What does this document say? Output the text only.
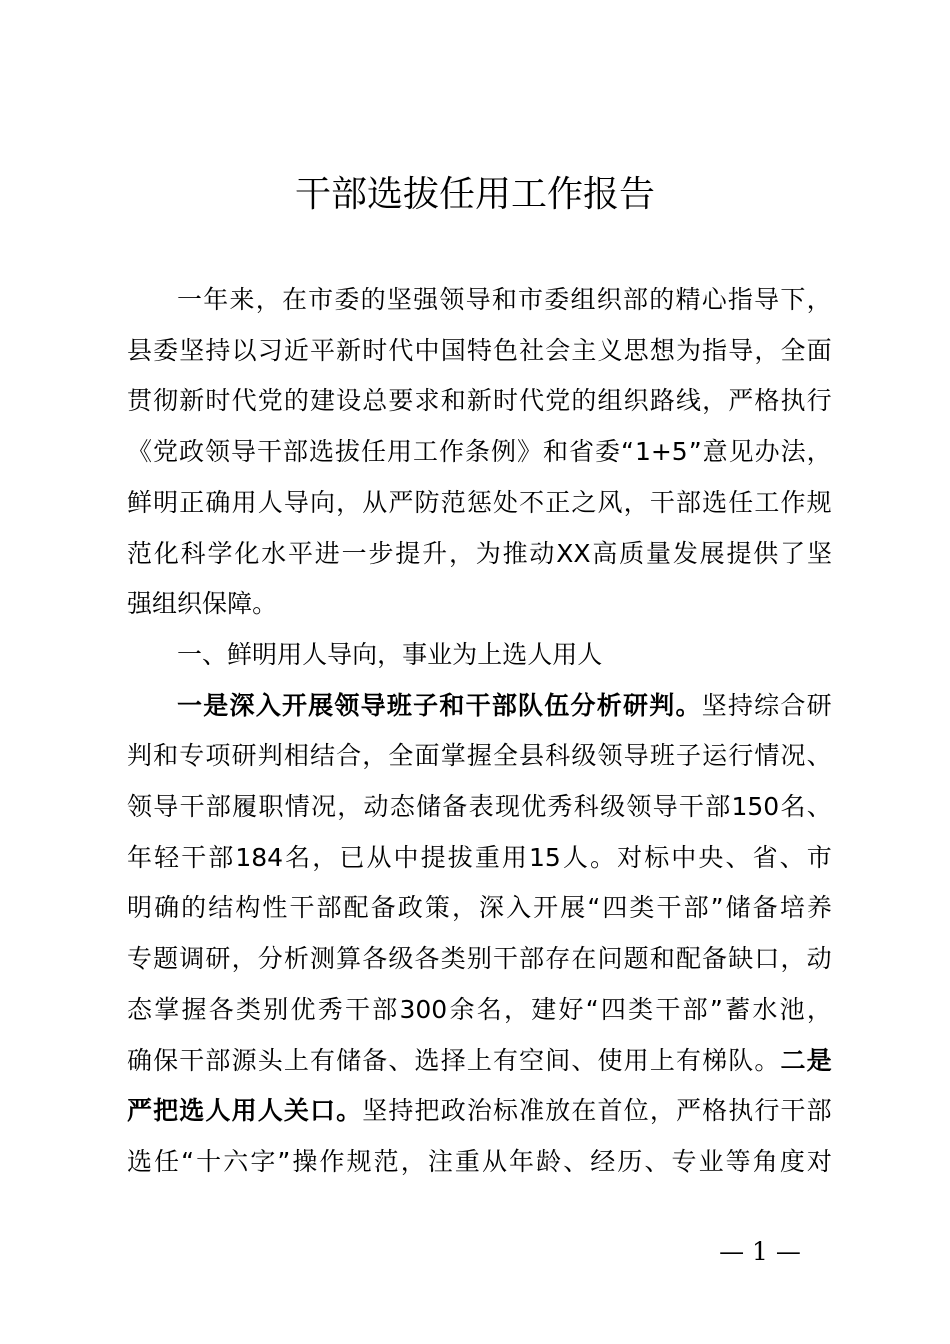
干部选拔任用工作报告
一 年 来 ， 在 市 委 的 坚 强 领 导 和 市 委 组 织 部 的 精 心 指 导 下 ，
县 委 坚 持 以 习 近 平 新 时 代 中 国 特 色 社 会 主 义 思 想 为 指 导 ， 全 面
贯 彻 新 时 代 党 的 建 设 总 要 求 和 新 时 代 党 的 组 织 路 线 ， 严 格 执 行
《 党 政 领 导 干 部 选 拔 任 用 工 作 条 例 》 和 省 委 “ 1+5 ” 意 见 办 法 ，
鲜 明 正 确 用 人 导 向 ， 从 严 防 范 惩 处 不 正 之 风 ， 干 部 选 任 工 作 规
范 化 科 学 化 水 平 进 一 步 提 升 ， 为 推 动 XX 高 质 量 发 展 提 供 了 坚
强 组 织 保 障 。
一 、 鲜 明 用 人 导 向 ， 事 业 为 上 选 人 用 人
一 是 深 入 开 展 领 导 班 子 和 干 部 队 伍 分 析 研 判 。 坚 持 综 合 研
判 和 专 项 研 判 相 结 合 ， 全 面 掌 握 全 县 科 级 领 导 班 子 运 行 情 况 、
领 导 干 部 履 职 情 况 ， 动 态 储 备 表 现 优 秀 科 级 领 导 干 部 150 名 、
年 轻 干 部 184 名 ， 已 从 中 提 拔 重 用 15 人 。 对 标 中 央 、 省 、 市
明 确 的 结 构 性 干 部 配 备 政 策 ， 深 入 开 展 “ 四 类 干 部 ” 储 备 培 养
专 题 调 研 ， 分 析 测 算 各 级 各 类 别 干 部 存 在 问 题 和 配 备 缺 口 ， 动
态 掌 握 各 类 别 优 秀 干 部 300 余 名 ， 建 好 “ 四 类 干 部 ” 蓄 水 池 ，
确 保 干 部 源 头 上 有 储 备 、 选 择 上 有 空 间 、 使 用 上 有 梯 队 。 二 是
严 把 选 人 用 人 关 口 。 坚 持 把 政 治 标 准 放 在 首 位 ， 严 格 执 行 干 部
选 任 “ 十 六 字 ” 操 作 规 范 ， 注 重 从 年 龄 、 经 历 、 专 业 等 角 度 对
— 1 —
